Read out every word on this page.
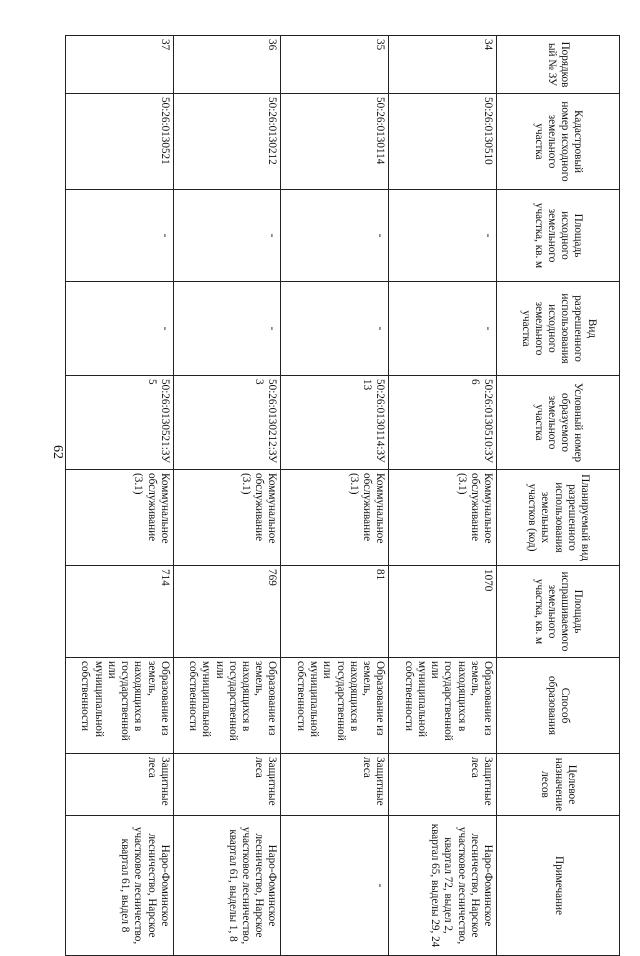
62
Порядковый № ЗУ	Кадастровый номер исходного земельного участка	Площадь исходного земельного участка, кв. м	Вид разрешенного использования исходного земельного участка	Условный номер образуемого земельного участка	Планируемый вид разрешенного использования земельных участков (код)	Площадь испрашиваемого земельного участка, кв. м	Способ образования	Целевое назначение лесов	Примечание
34	50:26:0130510	-	-	50:26:0130510:ЗУ6	Коммунальное обслуживание (3.1)	1070	Образование из земель, находящихся в государственной или муниципальной собственности	Защитные леса	Наро-Фоминское лесничество, Нарское участковое лесничество, квартал 72, выдел 2, квартал 65, выделы 29, 24
35	50:26:0130114	-	-	50:26:0130114:ЗУ13	Коммунальное обслуживание (3.1)	81	Образование из земель, находящихся в государственной или муниципальной собственности	Защитные леса	-
36	50:26:0130212	-	-	50:26:0130212:ЗУ3	Коммунальное обслуживание (3.1)	769	Образование из земель, находящихся в государственной или муниципальной собственности	Защитные леса	Наро-Фоминское лесничество, Нарское участковое лесничество, квартал 61, выделы 1, 8
37	50:26:0130521	-	-	50:26:0130521:ЗУ5	Коммунальное обслуживание (3.1)	714	Образование из земель, находящихся в государственной или муниципальной собственности	Защитные леса	Наро-Фоминское лесничество, Нарское участковое лесничество, квартал 61, выдел 8
